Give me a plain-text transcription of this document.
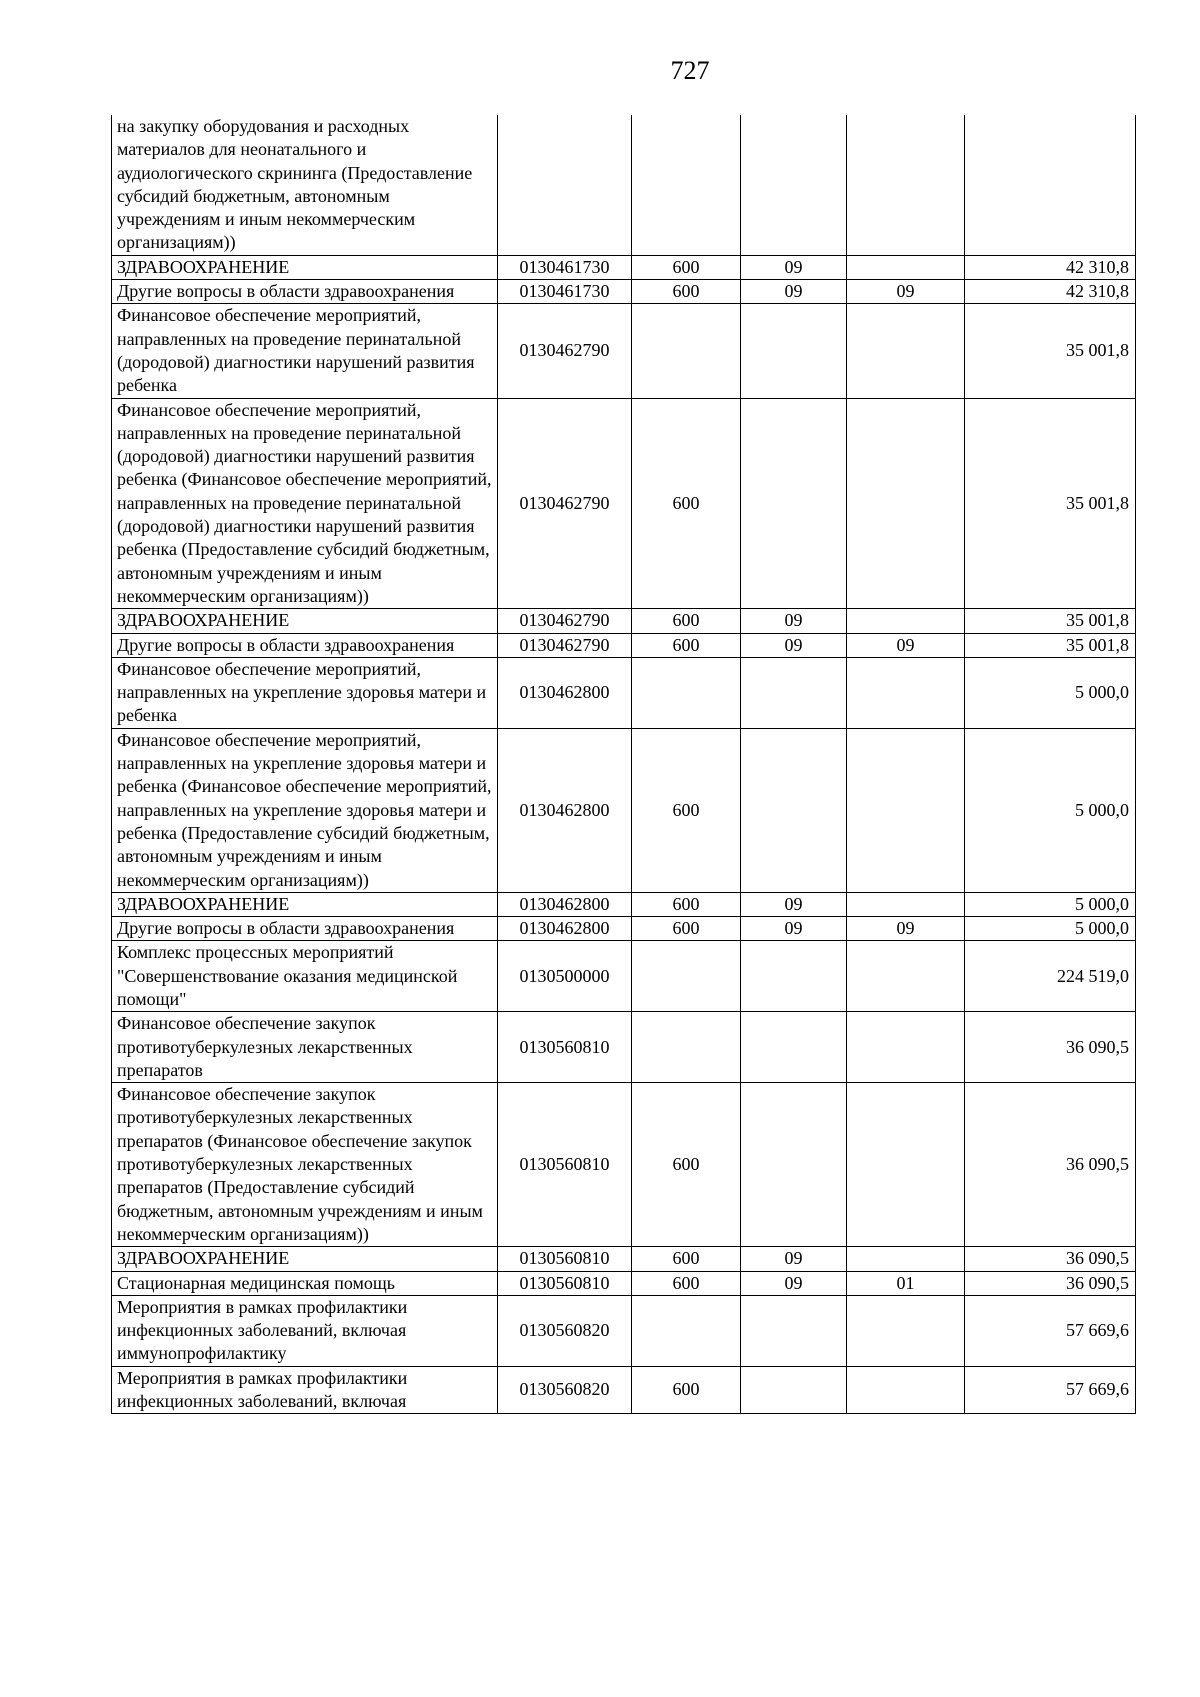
727
на закупку оборудования и расходных материалов для неонатального и аудиологического скрининга (Предоставление субсидий бюджетным, автономным учреждениям и иным некоммерческим организациям))					
ЗДРАВООХРАНЕНИЕ	0130461730	600	09		42 310,8
Другие вопросы в области здравоохранения	0130461730	600	09	09	42 310,8
Финансовое обеспечение мероприятий, направленных на проведение перинатальной (дородовой) диагностики нарушений развития ребенка	0130462790				35 001,8
Финансовое обеспечение мероприятий, направленных на проведение перинатальной (дородовой) диагностики нарушений развития ребенка (Финансовое обеспечение мероприятий, направленных на проведение перинатальной (дородовой) диагностики нарушений развития ребенка (Предоставление субсидий бюджетным, автономным учреждениям и иным некоммерческим организациям))	0130462790	600			35 001,8
ЗДРАВООХРАНЕНИЕ	0130462790	600	09		35 001,8
Другие вопросы в области здравоохранения	0130462790	600	09	09	35 001,8
Финансовое обеспечение мероприятий, направленных на укрепление здоровья матери и ребенка	0130462800				5 000,0
Финансовое обеспечение мероприятий, направленных на укрепление здоровья матери и ребенка (Финансовое обеспечение мероприятий, направленных на укрепление здоровья матери и ребенка (Предоставление субсидий бюджетным, автономным учреждениям и иным некоммерческим организациям))	0130462800	600			5 000,0
ЗДРАВООХРАНЕНИЕ	0130462800	600	09		5 000,0
Другие вопросы в области здравоохранения	0130462800	600	09	09	5 000,0
Комплекс процессных мероприятий "Совершенствование оказания медицинской помощи"	0130500000				224 519,0
Финансовое обеспечение закупок противотуберкулезных лекарственных препаратов	0130560810				36 090,5
Финансовое обеспечение закупок противотуберкулезных лекарственных препаратов (Финансовое обеспечение закупок противотуберкулезных лекарственных препаратов (Предоставление субсидий бюджетным, автономным учреждениям и иным некоммерческим организациям))	0130560810	600			36 090,5
ЗДРАВООХРАНЕНИЕ	0130560810	600	09		36 090,5
Стационарная медицинская помощь	0130560810	600	09	01	36 090,5
Мероприятия в рамках профилактики инфекционных заболеваний, включая иммунопрофилактику	0130560820				57 669,6
Мероприятия в рамках профилактики инфекционных заболеваний, включая	0130560820	600			57 669,6
